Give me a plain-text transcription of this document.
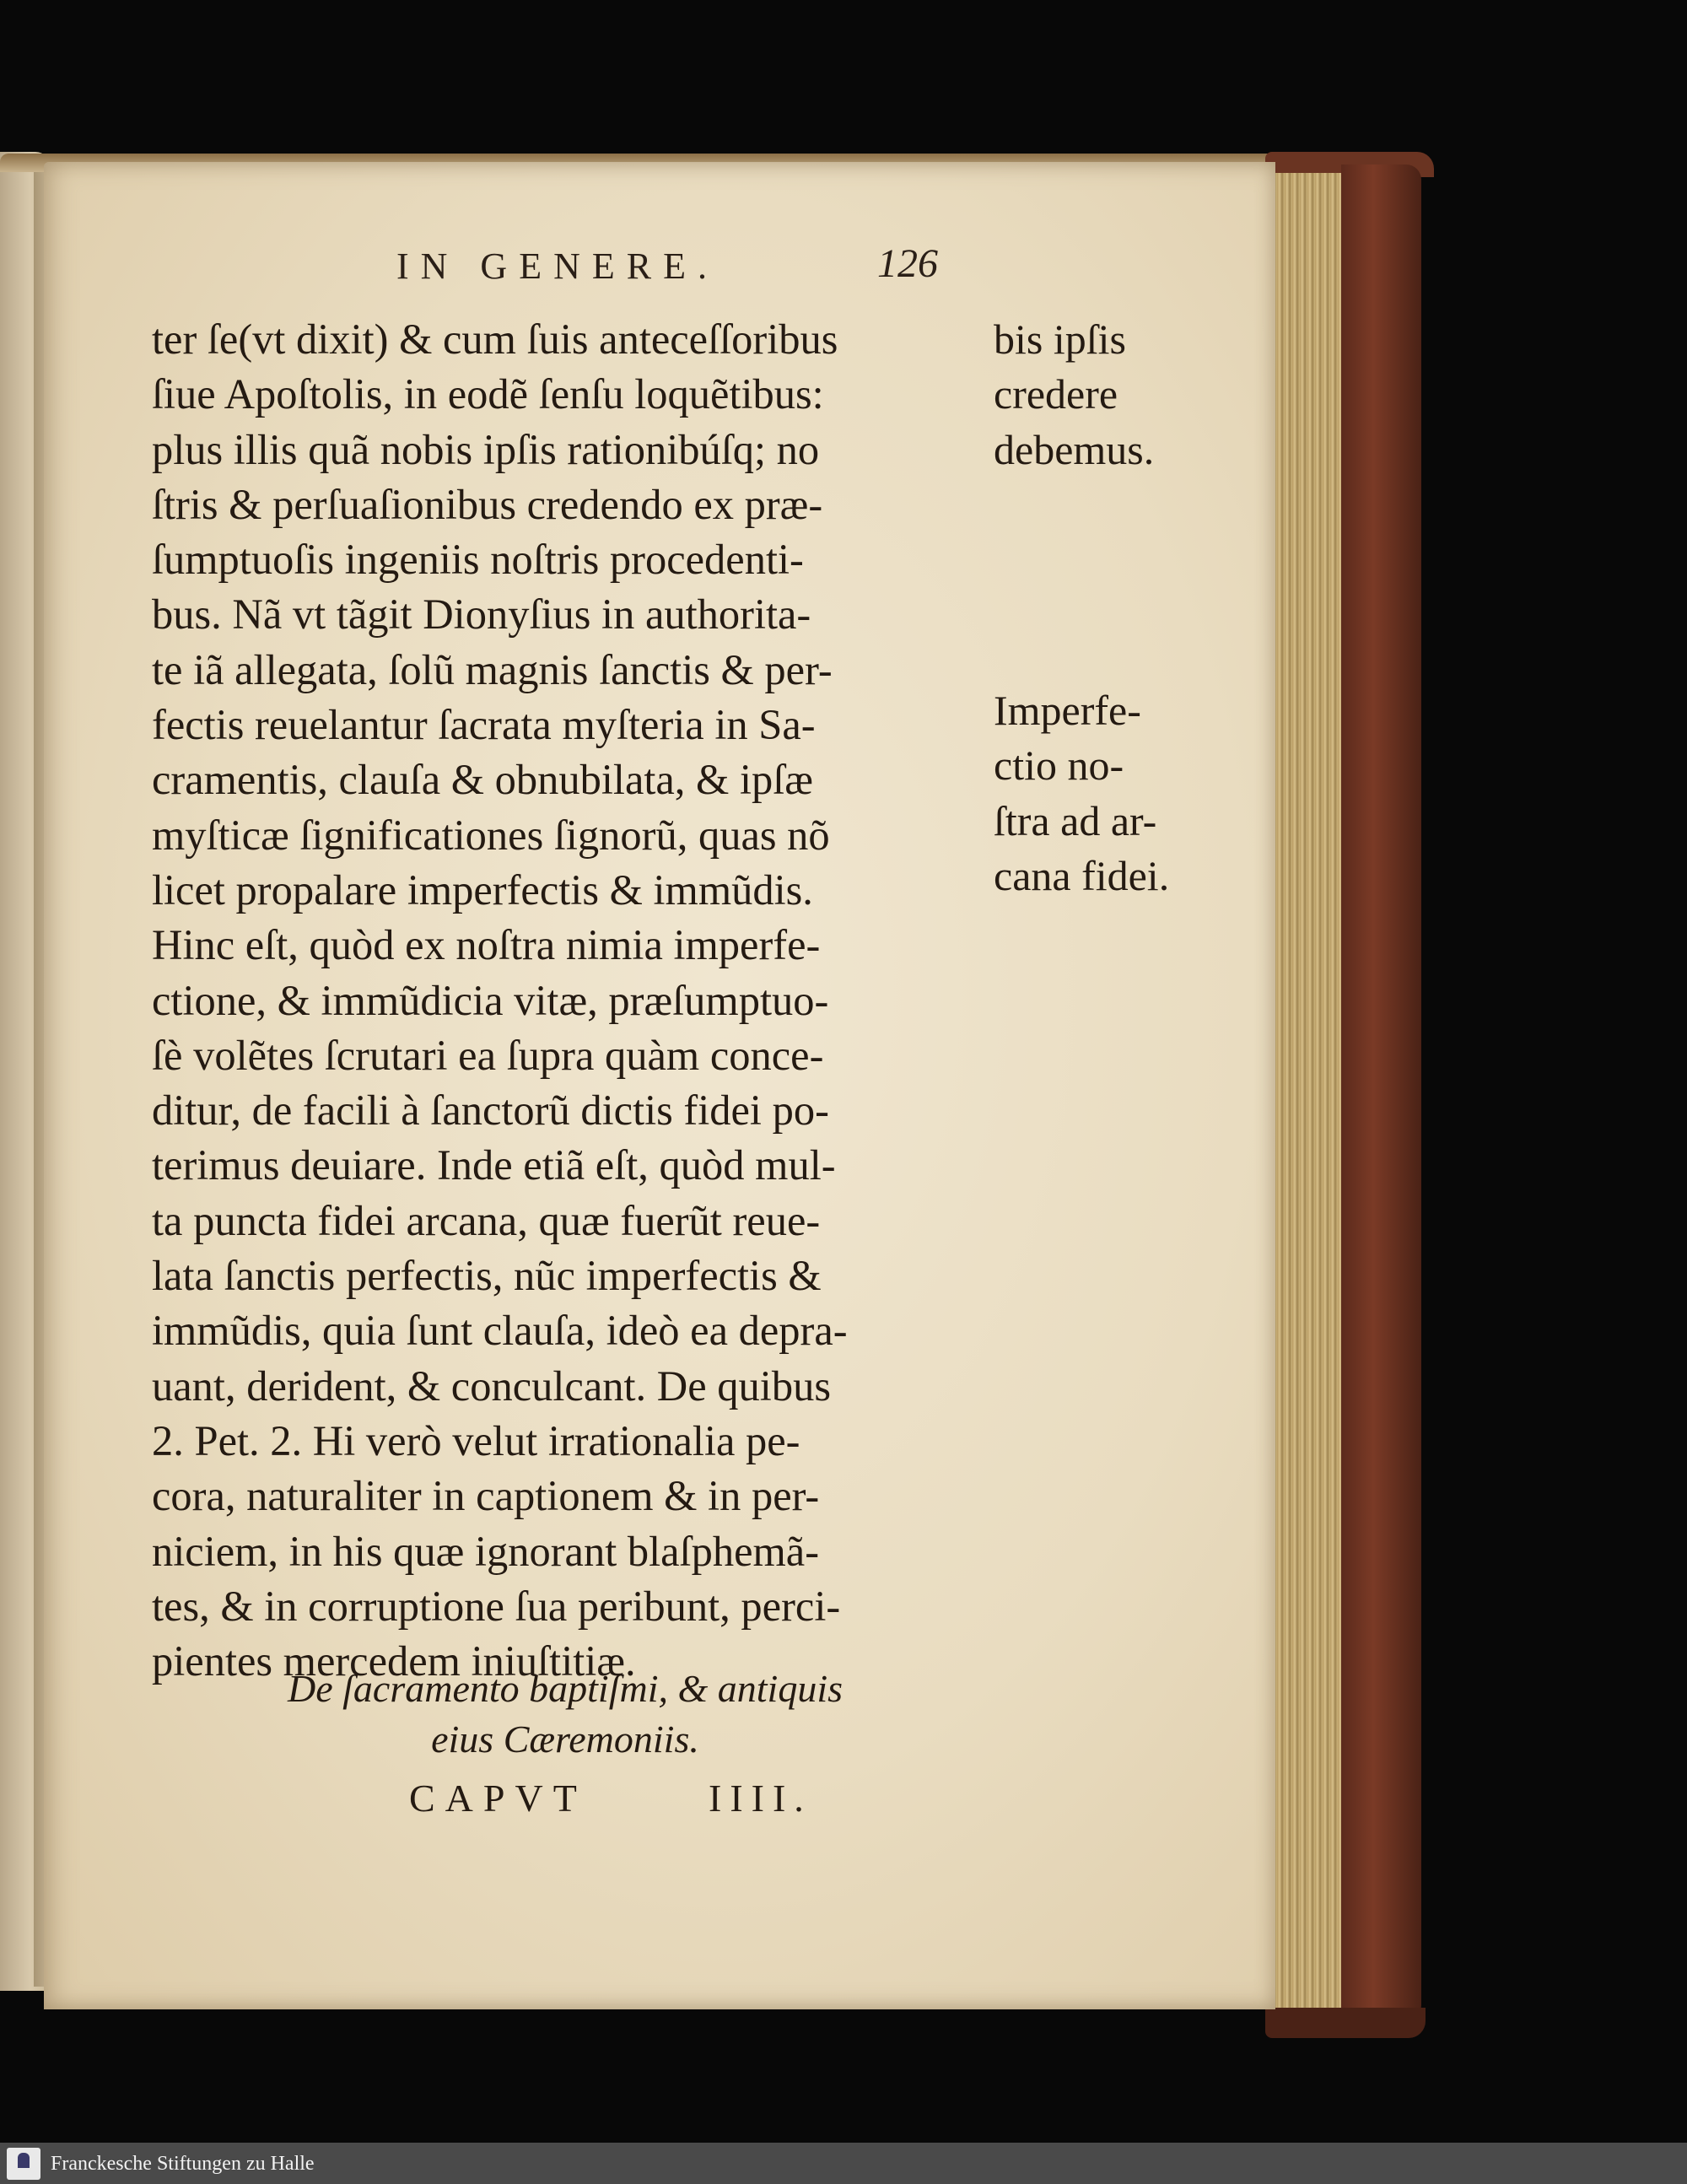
IN GENERE.	126
ter ſe(vt dixit) & cum ſuis anteceſſoribus
ſiue Apoſtolis, in eodẽ ſenſu loquẽtibus:
plus illis quã nobis ipſis rationibúſq; no
ſtris & perſuaſionibus credendo ex præ-
ſumptuoſis ingeniis noſtris procedenti-
bus. Nã vt tãgit Dionyſius in authorita-
te iã allegata, ſolũ magnis ſanctis & per-
fectis reuelantur ſacrata myſteria in Sa-
cramentis, clauſa & obnubilata, & ipſæ
myſticæ ſignificationes ſignorũ, quas nõ
licet propalare imperfectis & immũdis.
Hinc eſt, quòd ex noſtra nimia imperfe-
ctione, & immũdicia vitæ, præſumptuo-
ſè volẽtes ſcrutari ea ſupra quàm conce-
ditur, de facili à ſanctorũ dictis fidei po-
terimus deuiare. Inde etiã eſt, quòd mul-
ta puncta fidei arcana, quæ fuerũt reue-
lata ſanctis perfectis, nũc imperfectis &
immũdis, quia ſunt clauſa, ideò ea depra-
uant, derident, & conculcant. De quibus
2. Pet. 2. Hi verò velut irrationalia pe-
cora, naturaliter in captionem & in per-
niciem, in his quæ ignorant blaſphemã-
tes, & in corruptione ſua peribunt, perci-
pientes mercedem iniuſtitiæ.
bis ipſis
credere
debemus.
Imperfe-
ctio no-
ſtra ad ar-
cana fidei.
De ſacramento baptiſmi, & antiquis
eius Cæremoniis.
CAPVT	IIII.
Franckesche Stiftungen zu Halle
